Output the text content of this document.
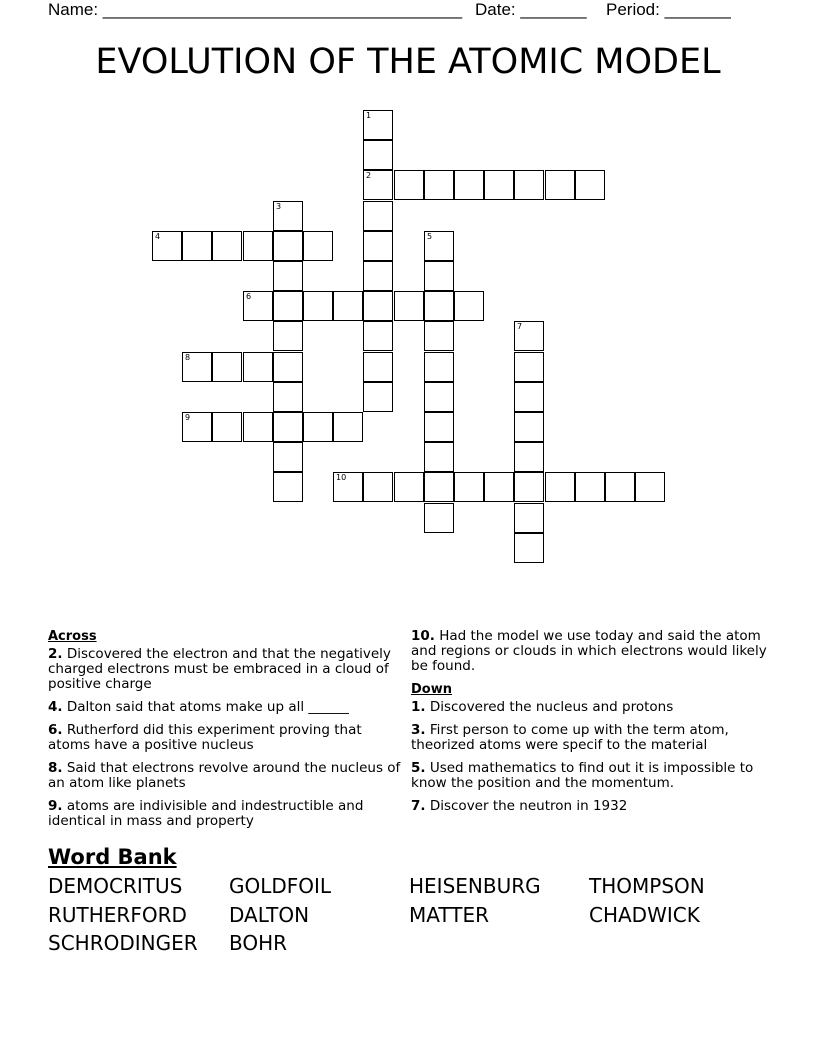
Name: ______________________________________ Date: _______ Period: _______
EVOLUTION OF THE ATOMIC MODEL
1
2
3
4	5
6
7
8
9
10
Across
2. Discovered the electron and that the negatively charged electrons must be embraced in a cloud of positive charge
4. Dalton said that atoms make up all ______
6. Rutherford did this experiment proving that atoms have a positive nucleus
8. Said that electrons revolve around the nucleus of an atom like planets
9. atoms are indivisible and indestructible and identical in mass and property
10. Had the model we use today and said the atom and regions or clouds in which electrons would likely be found.
Down
1. Discovered the nucleus and protons
3. First person to come up with the term atom, theorized atoms were specif to the material
5. Used mathematics to find out it is impossible to know the position and the momentum.
7. Discover the neutron in 1932
Word Bank
DEMOCRITUS GOLDFOIL	HEISENBURG THOMPSON
RUTHERFORD DALTON	MATTER	CHADWICK
SCHRODINGER BOHR
